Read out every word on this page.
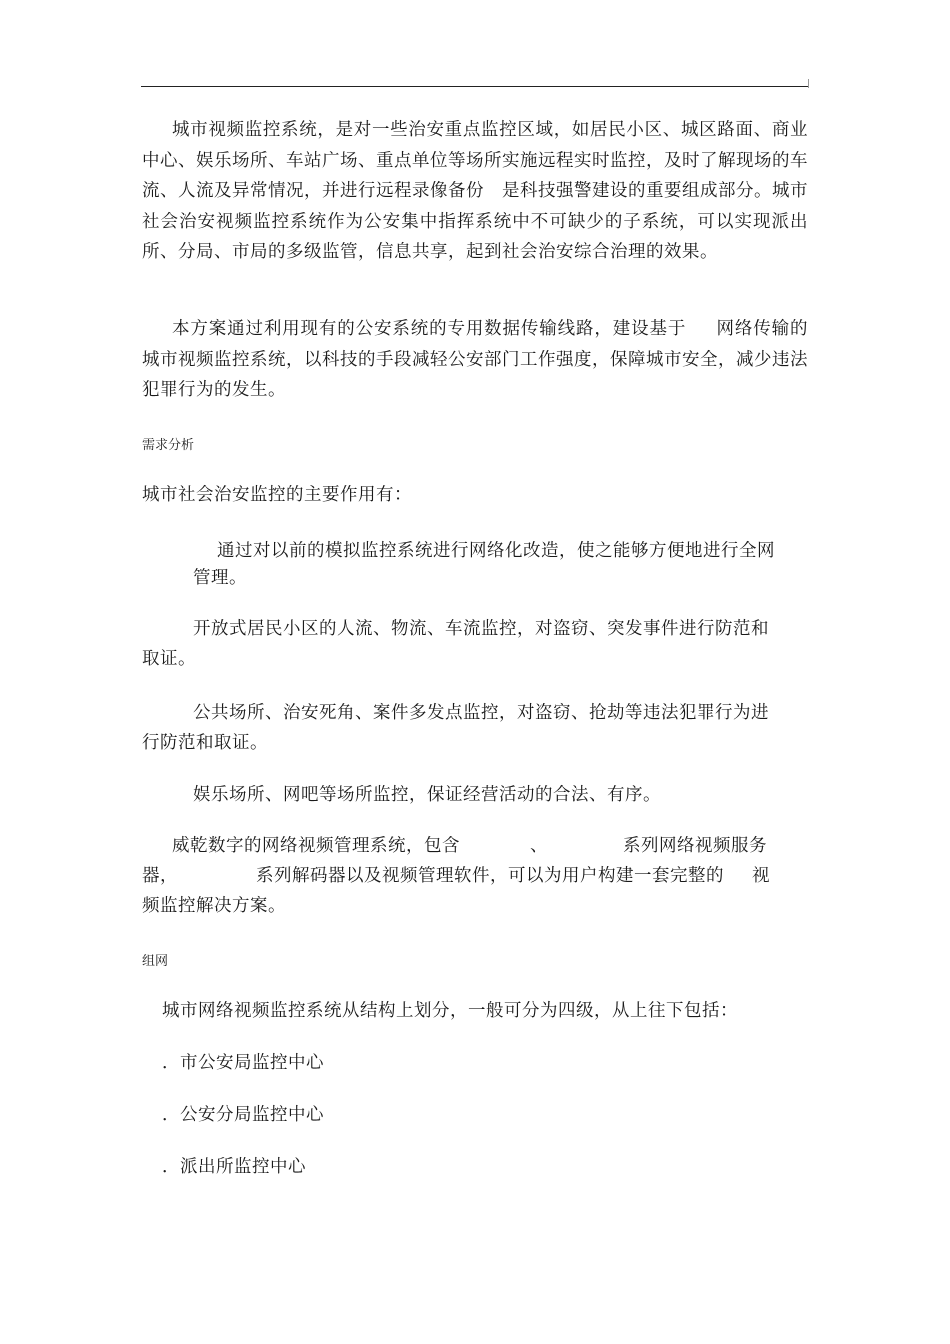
城市视频监控系统，是对一些治安重点监控区域，如居民小区、城区路面、商业中心、娱乐场所、车站广场、重点单位等场所实施远程实时监控，及时了解现场的车流、人流及异常情况，并进行远程录像备份　是科技强警建设的重要组成部分。城市社会治安视频监控系统作为公安集中指挥系统中不可缺少的子系统，可以实现派出所、分局、市局的多级监管，信息共享，起到社会治安综合治理的效果。

本方案通过利用现有的公安系统的专用数据传输线路，建设基于 网络传输的城市视频监控系统，以科技的手段减轻公安部门工作强度，保障城市安全，减少违法犯罪行为的发生。

需求分析

城市社会治安监控的主要作用有：

通过对以前的模拟监控系统进行网络化改造，使之能够方便地进行全网

管理。

开放式居民小区的人流、物流、车流监控，对盗窃、突发事件进行防范和

取证。

公共场所、治安死角、案件多发点监控，对盗窃、抢劫等违法犯罪行为进

行防范和取证。

娱乐场所、网吧等场所监控，保证经营活动的合法、有序。

威乾数字的网络视频管理系统，包含	、	系列网络视频服务

器，	系列解码器以及视频管理软件，可以为用户构建一套完整的 视

频监控解决方案。

组网

城市网络视频监控系统从结构上划分，一般可分为四级，从上往下包括：

．市公安局监控中心

．公安分局监控中心

．派出所监控中心
